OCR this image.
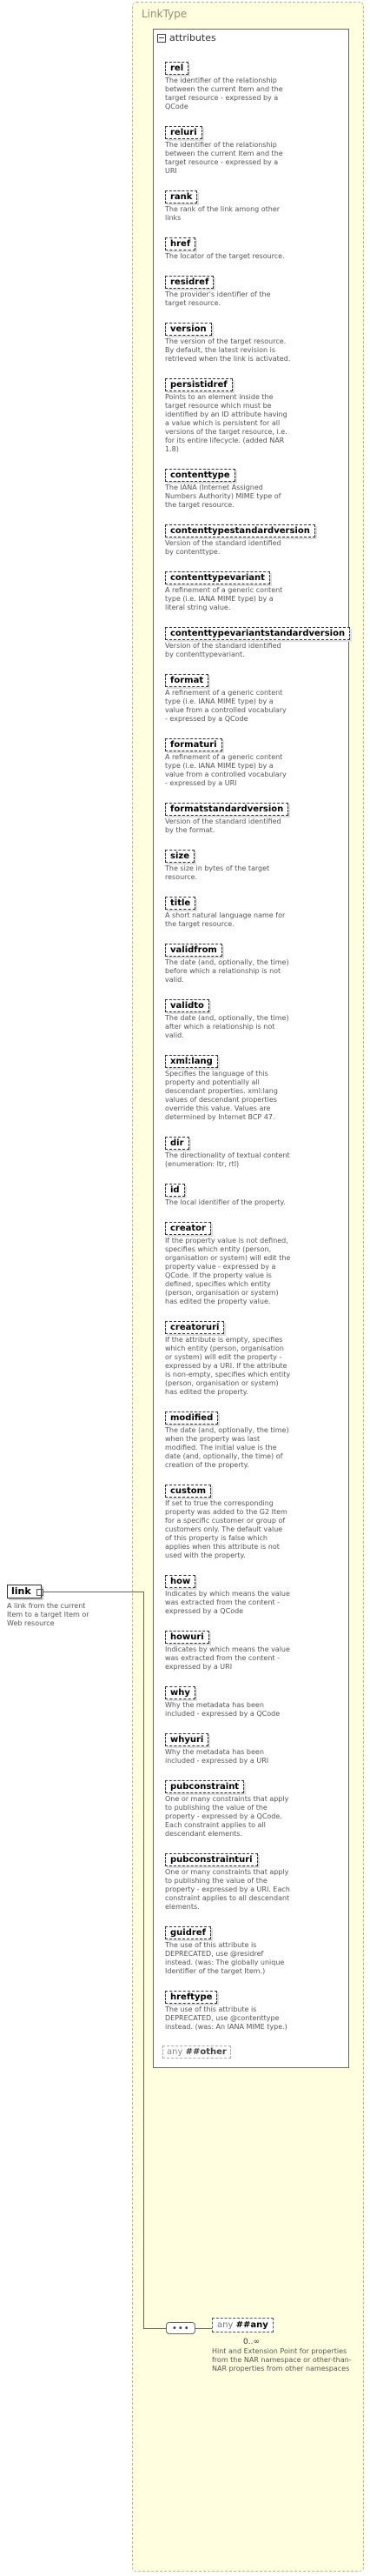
LinkType
attributes
rel
The identifier of the relationship between the current Item and the target resource - expressed by a QCode
reluri
The identifier of the relationship between the current Item and the target resource - expressed by a URI
rank
The rank of the link among other links
href
The locator of the target resource.
residref
The provider's identifier of the target resource.
version
The version of the target resource. By default, the latest revision is retrieved when the link is activated.
persistidref
Points to an element inside the target resource which must be identified by an ID attribute having a value which is persistent for all versions of the target resource, i.e. for its entire lifecycle. (added NAR 1.8)
contenttype
The IANA (Internet Assigned Numbers Authority) MIME type of the target resource.
contenttypestandardversion
Version of the standard identified by contenttype.
contenttypevariant
A refinement of a generic content type (i.e. IANA MIME type) by a literal string value.
contenttypevariantstandardversion
Version of the standard identified by contenttypevariant.
format
A refinement of a generic content type (i.e. IANA MIME type) by a value from a controlled vocabulary - expressed by a QCode
formaturi
A refinement of a generic content type (i.e. IANA MIME type) by a value from a controlled vocabulary - expressed by a URI
formatstandardversion
Version of the standard identified by the format.
size
The size in bytes of the target resource.
title
A short natural language name for the target resource.
validfrom
The date (and, optionally, the time) before which a relationship is not valid.
validto
The date (and, optionally, the time) after which a relationship is not valid.
xml:lang
Specifies the language of this property and potentially all descendant properties. xml:lang values of descendant properties override this value. Values are determined by Internet BCP 47.
dir
The directionality of textual content (enumeration: ltr, rtl)
id
The local identifier of the property.
creator
If the property value is not defined, specifies which entity (person, organisation or system) will edit the property value - expressed by a QCode. If the property value is defined, specifies which entity (person, organisation or system) has edited the property value.
creatoruri
If the attribute is empty, specifies which entity (person, organisation or system) will edit the property - expressed by a URI. If the attribute is non-empty, specifies which entity (person, organisation or system) has edited the property.
modified
The date (and, optionally, the time) when the property was last modified. The initial value is the date (and, optionally, the time) of creation of the property.
custom
If set to true the corresponding property was added to the G2 Item for a specific customer or group of customers only. The default value of this property is false which applies when this attribute is not used with the property.
how
Indicates by which means the value was extracted from the content - expressed by a QCode
howuri
Indicates by which means the value was extracted from the content - expressed by a URI
why
Why the metadata has been included - expressed by a QCode
whyuri
Why the metadata has been included - expressed by a URI
pubconstraint
One or many constraints that apply to publishing the value of the property - expressed by a QCode. Each constraint applies to all descendant elements.
pubconstrainturi
One or many constraints that apply to publishing the value of the property - expressed by a URI. Each constraint applies to all descendant elements.
guidref
The use of this attribute is DEPRECATED, use @residref instead. (was: The globally unique Identifier of the target Item.)
hreftype
The use of this attribute is DEPRECATED, use @contenttype instead. (was: An IANA MIME type.)
any ##other
•••	any ##any
0..∞
Hint and Extension Point for properties from the NAR namespace or other-than-NAR properties from other namespaces
link
A link from the current Item to a target Item or Web resource
